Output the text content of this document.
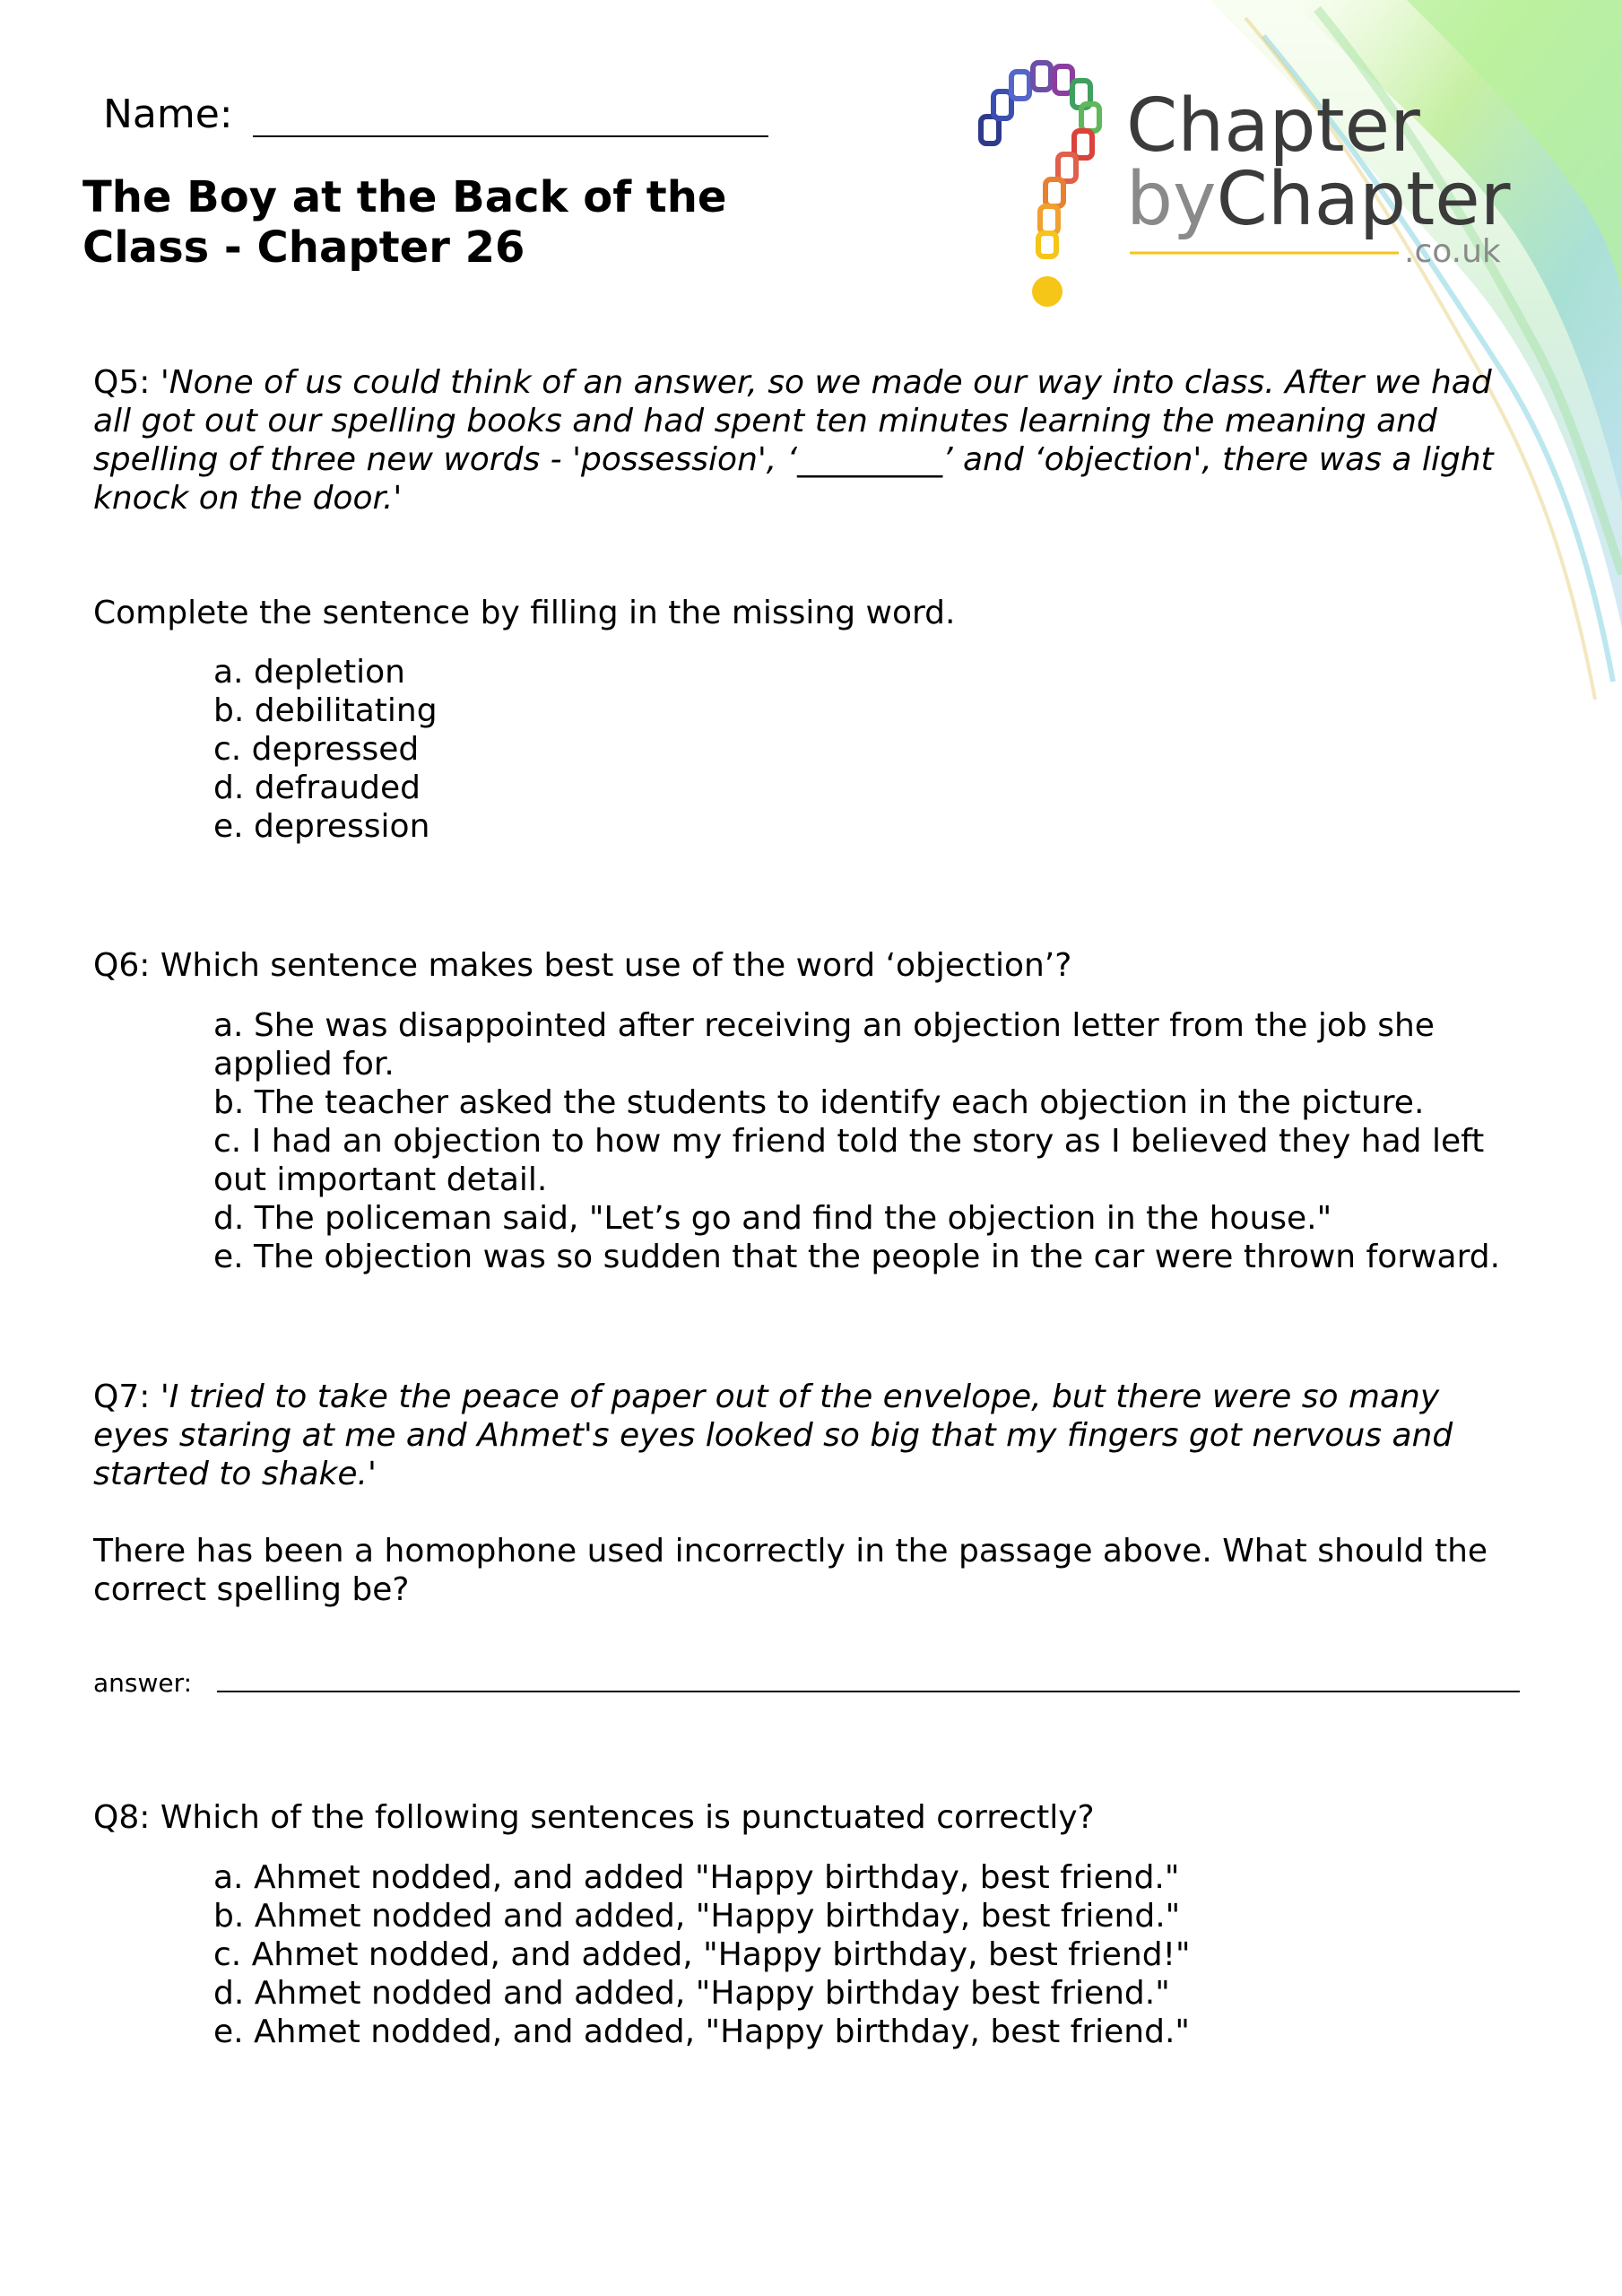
Name:
The Boy at the Back of the
Class - Chapter 26
Chapter
byChapter
.co.uk
Q5: 'None of us could think of an answer, so we made our way into class. After we had
all got out our spelling books and had spent ten minutes learning the meaning and
spelling of three new words - 'possession', ‘_________’ and ‘objection', there was a light
knock on the door.'
Complete the sentence by filling in the missing word.
a. depletion
b. debilitating
c. depressed
d. defrauded
e. depression
Q6: Which sentence makes best use of the word ‘objection’?
a. She was disappointed after receiving an objection letter from the job she
applied for.
b. The teacher asked the students to identify each objection in the picture.
c. I had an objection to how my friend told the story as I believed they had left
out important detail.
d. The policeman said, "Let’s go and find the objection in the house."
e. The objection was so sudden that the people in the car were thrown forward.
Q7: 'I tried to take the peace of paper out of the envelope, but there were so many
eyes staring at me and Ahmet's eyes looked so big that my fingers got nervous and
started to shake.'
There has been a homophone used incorrectly in the passage above. What should the
correct spelling be?
answer:
Q8: Which of the following sentences is punctuated correctly?
a. Ahmet nodded, and added "Happy birthday, best friend."
b. Ahmet nodded and added, "Happy birthday, best friend."
c. Ahmet nodded, and added, "Happy birthday, best friend!"
d. Ahmet nodded and added, "Happy birthday best friend."
e. Ahmet nodded, and added, "Happy birthday, best friend."
